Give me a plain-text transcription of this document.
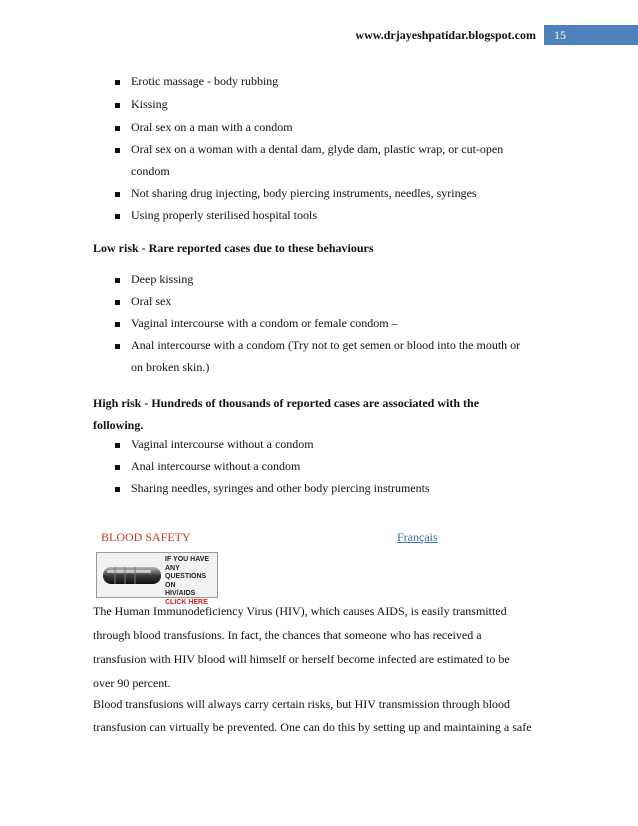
www.drjayeshpatidar.blogspot.com	15
Erotic massage - body rubbing
Kissing
Oral sex on a man with a condom
Oral sex on a woman with a dental dam, glyde dam, plastic wrap, or cut-open
condom
Not sharing drug injecting, body piercing instruments, needles, syringes
Using properly sterilised hospital tools
Low risk - Rare reported cases due to these behaviours
Deep kissing
Oral sex
Vaginal intercourse with a condom or female condom –
Anal intercourse with a condom (Try not to get semen or blood into the mouth or
on broken skin.)
High risk - Hundreds of thousands of reported cases are associated with the
following.
Vaginal intercourse without a condom
Anal intercourse without a condom
Sharing needles, syringes and other body piercing instruments
BLOOD SAFETY	Français
IF YOU HAVE ANY
QUESTIONS ON
HIV/AIDS
CLICK HERE
The Human Immunodeficiency Virus (HIV), which causes AIDS, is easily transmitted
through blood transfusions. In fact, the chances that someone who has received a
transfusion with HIV blood will himself or herself become infected are estimated to be
over 90 percent.
Blood transfusions will always carry certain risks, but HIV transmission through blood
transfusion can virtually be prevented. One can do this by setting up and maintaining a safe
